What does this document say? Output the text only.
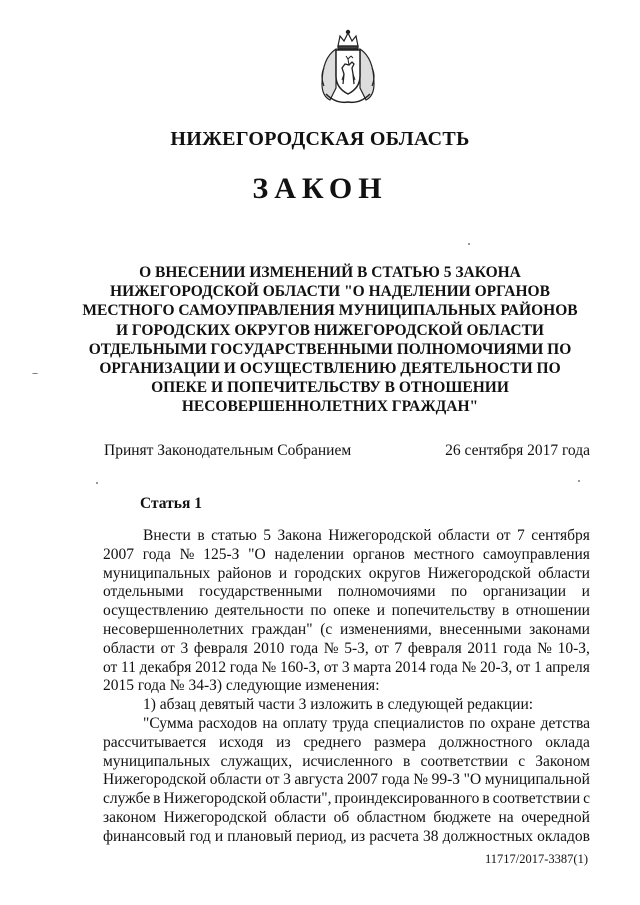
НИЖЕГОРОДСКАЯ ОБЛАСТЬ
ЗАКОН
О ВНЕСЕНИИ ИЗМЕНЕНИЙ В СТАТЬЮ 5 ЗАКОНА
НИЖЕГОРОДСКОЙ ОБЛАСТИ "О НАДЕЛЕНИИ ОРГАНОВ
МЕСТНОГО САМОУПРАВЛЕНИЯ МУНИЦИПАЛЬНЫХ РАЙОНОВ
И ГОРОДСКИХ ОКРУГОВ НИЖЕГОРОДСКОЙ ОБЛАСТИ
ОТДЕЛЬНЫМИ ГОСУДАРСТВЕННЫМИ ПОЛНОМОЧИЯМИ ПО
ОРГАНИЗАЦИИ И ОСУЩЕСТВЛЕНИЮ ДЕЯТЕЛЬНОСТИ ПО
ОПЕКЕ И ПОПЕЧИТЕЛЬСТВУ В ОТНОШЕНИИ
НЕСОВЕРШЕННОЛЕТНИХ ГРАЖДАН"
Принят Законодательным Собранием	26 сентября 2017 года
Статья 1
Внести в статью 5 Закона Нижегородской области от 7 сентября
2007 года № 125-З "О наделении органов местного самоуправления
муниципальных районов и городских округов Нижегородской области
отдельными государственными полномочиями по организации и
осуществлению деятельности по опеке и попечительству в отношении
несовершеннолетних граждан" (с изменениями, внесенными законами
области от 3 февраля 2010 года № 5-З, от 7 февраля 2011 года № 10-З,
от 11 декабря 2012 года № 160-З, от 3 марта 2014 года № 20-З, от 1 апреля
2015 года № 34-З) следующие изменения:
1) абзац девятый части 3 изложить в следующей редакции:
"Сумма расходов на оплату труда специалистов по охране детства
рассчитывается исходя из среднего размера должностного оклада
муниципальных служащих, исчисленного в соответствии с Законом
Нижегородской области от 3 августа 2007 года № 99-З "О муниципальной
службе в Нижегородской области", проиндексированного в соответствии с
законом Нижегородской области об областном бюджете на очередной
финансовый год и плановый период, из расчета 38 должностных окладов
11717/2017-3387(1)
